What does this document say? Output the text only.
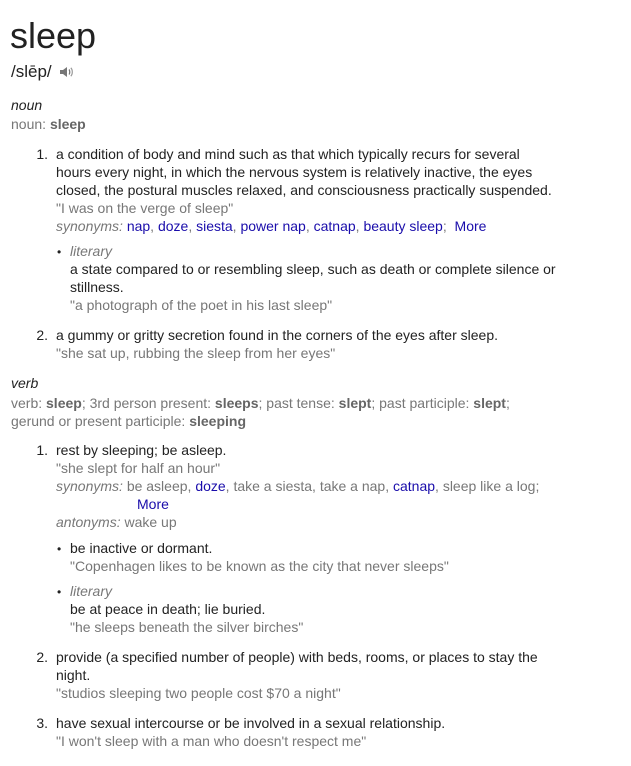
sleep
/slēp/
noun
noun: sleep
1. a condition of body and mind such as that which typically recurs for several
hours every night, in which the nervous system is relatively inactive, the eyes
closed, the postural muscles relaxed, and consciousness practically suspended.
"I was on the verge of sleep"
synonyms: nap, doze, siesta, power nap, catnap, beauty sleep;  More
• literary
a state compared to or resembling sleep, such as death or complete silence or
stillness.
"a photograph of the poet in his last sleep"
2. a gummy or gritty secretion found in the corners of the eyes after sleep.
"she sat up, rubbing the sleep from her eyes"
verb
verb: sleep; 3rd person present: sleeps; past tense: slept; past participle: slept;
gerund or present participle: sleeping
1. rest by sleeping; be asleep.
"she slept for half an hour"
synonyms: be asleep, doze, take a siesta, take a nap, catnap, sleep like a log;
More
antonyms: wake up
• be inactive or dormant.
"Copenhagen likes to be known as the city that never sleeps"
• literary
be at peace in death; lie buried.
"he sleeps beneath the silver birches"
2. provide (a specified number of people) with beds, rooms, or places to stay the
night.
"studios sleeping two people cost $70 a night"
3. have sexual intercourse or be involved in a sexual relationship.
"I won't sleep with a man who doesn't respect me"
